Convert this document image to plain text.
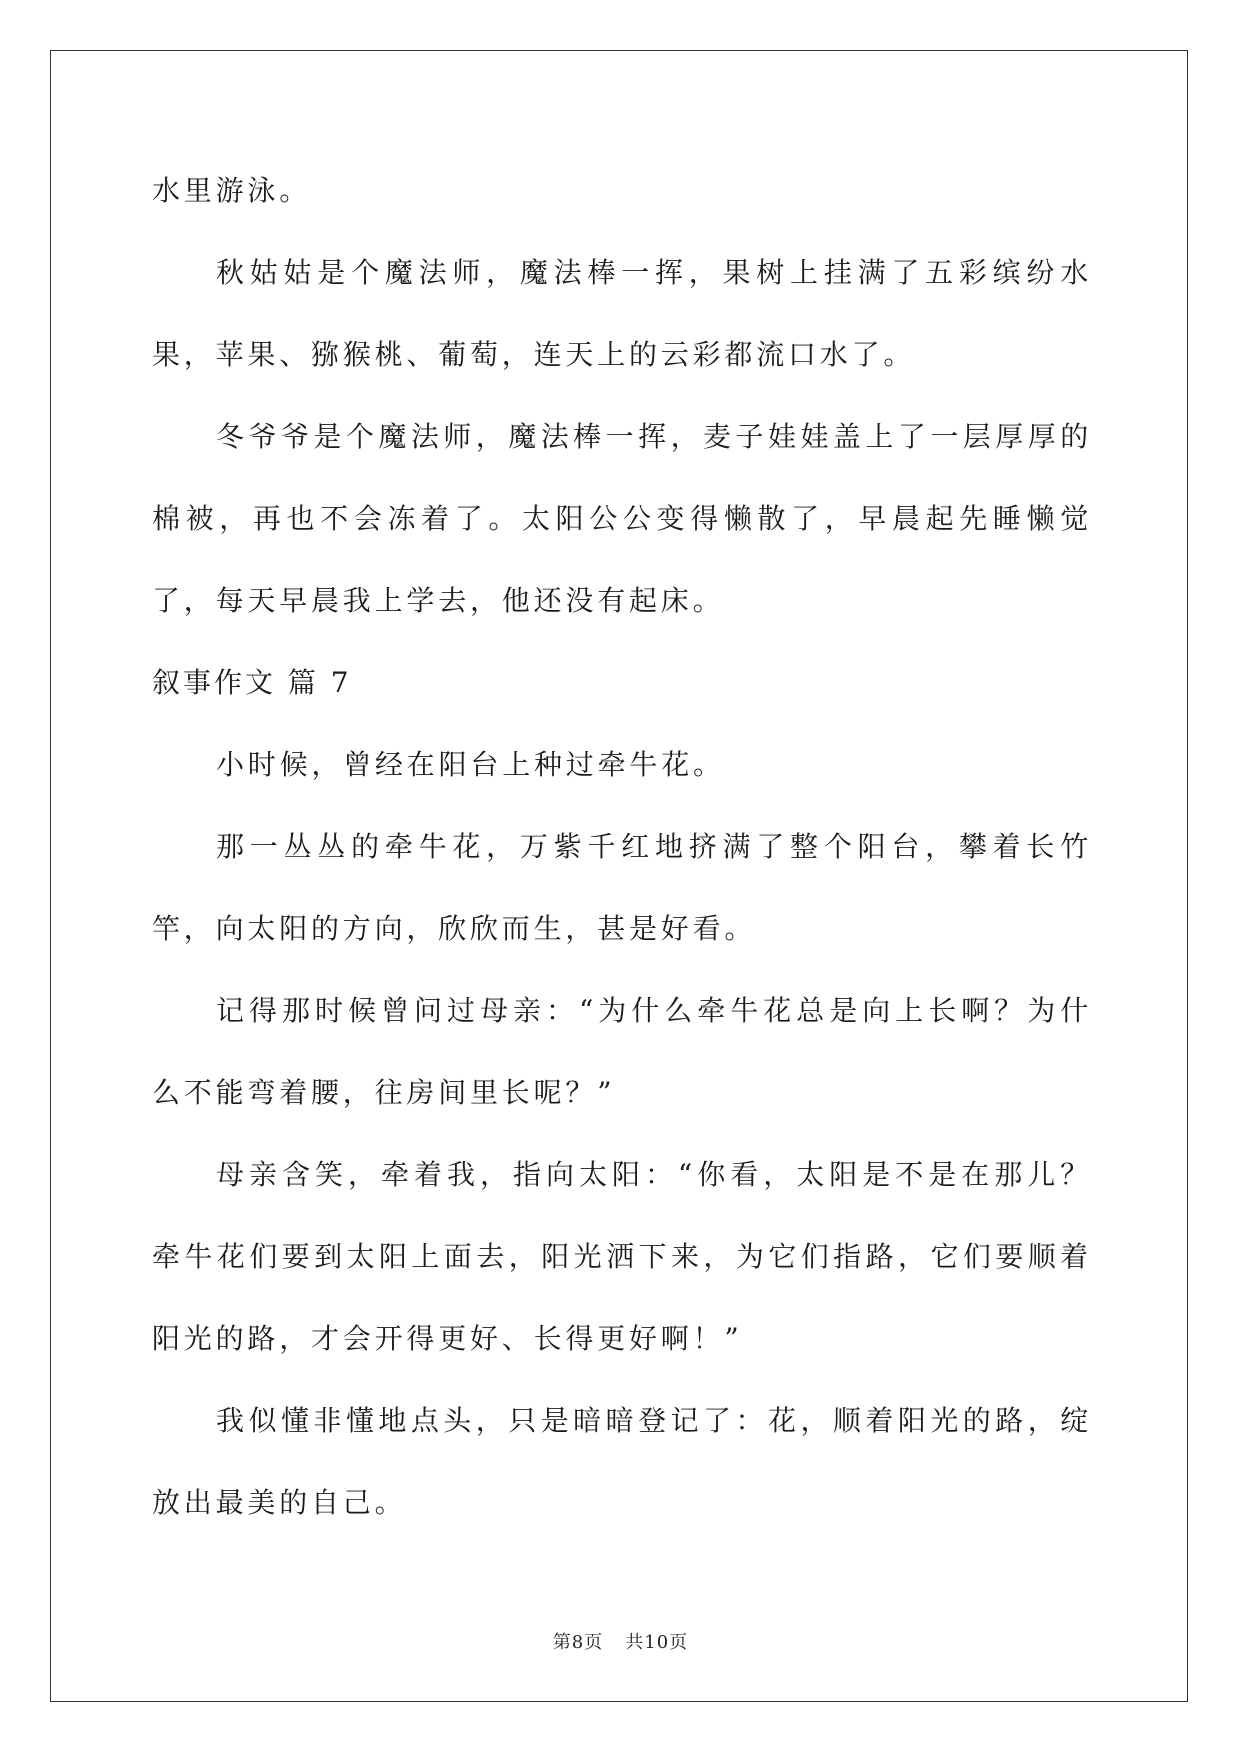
水里游泳。

秋姑姑是个魔法师，魔法棒一挥，果树上挂满了五彩缤纷水果，苹果、猕猴桃、葡萄，连天上的云彩都流口水了。

冬爷爷是个魔法师，魔法棒一挥，麦子娃娃盖上了一层厚厚的棉被，再也不会冻着了。太阳公公变得懒散了，早晨起先睡懒觉了，每天早晨我上学去，他还没有起床。

叙事作文 篇 7

小时候，曾经在阳台上种过牵牛花。

那一丛丛的牵牛花，万紫千红地挤满了整个阳台，攀着长竹竿，向太阳的方向，欣欣而生，甚是好看。

记得那时候曾问过母亲：“为什么牵牛花总是向上长啊？为什么不能弯着腰，往房间里长呢？”

母亲含笑，牵着我，指向太阳：“你看，太阳是不是在那儿？牵牛花们要到太阳上面去，阳光洒下来，为它们指路，它们要顺着阳光的路，才会开得更好、长得更好啊！”

我似懂非懂地点头，只是暗暗登记了：花，顺着阳光的路，绽放出最美的自己。

第8页 共10页
